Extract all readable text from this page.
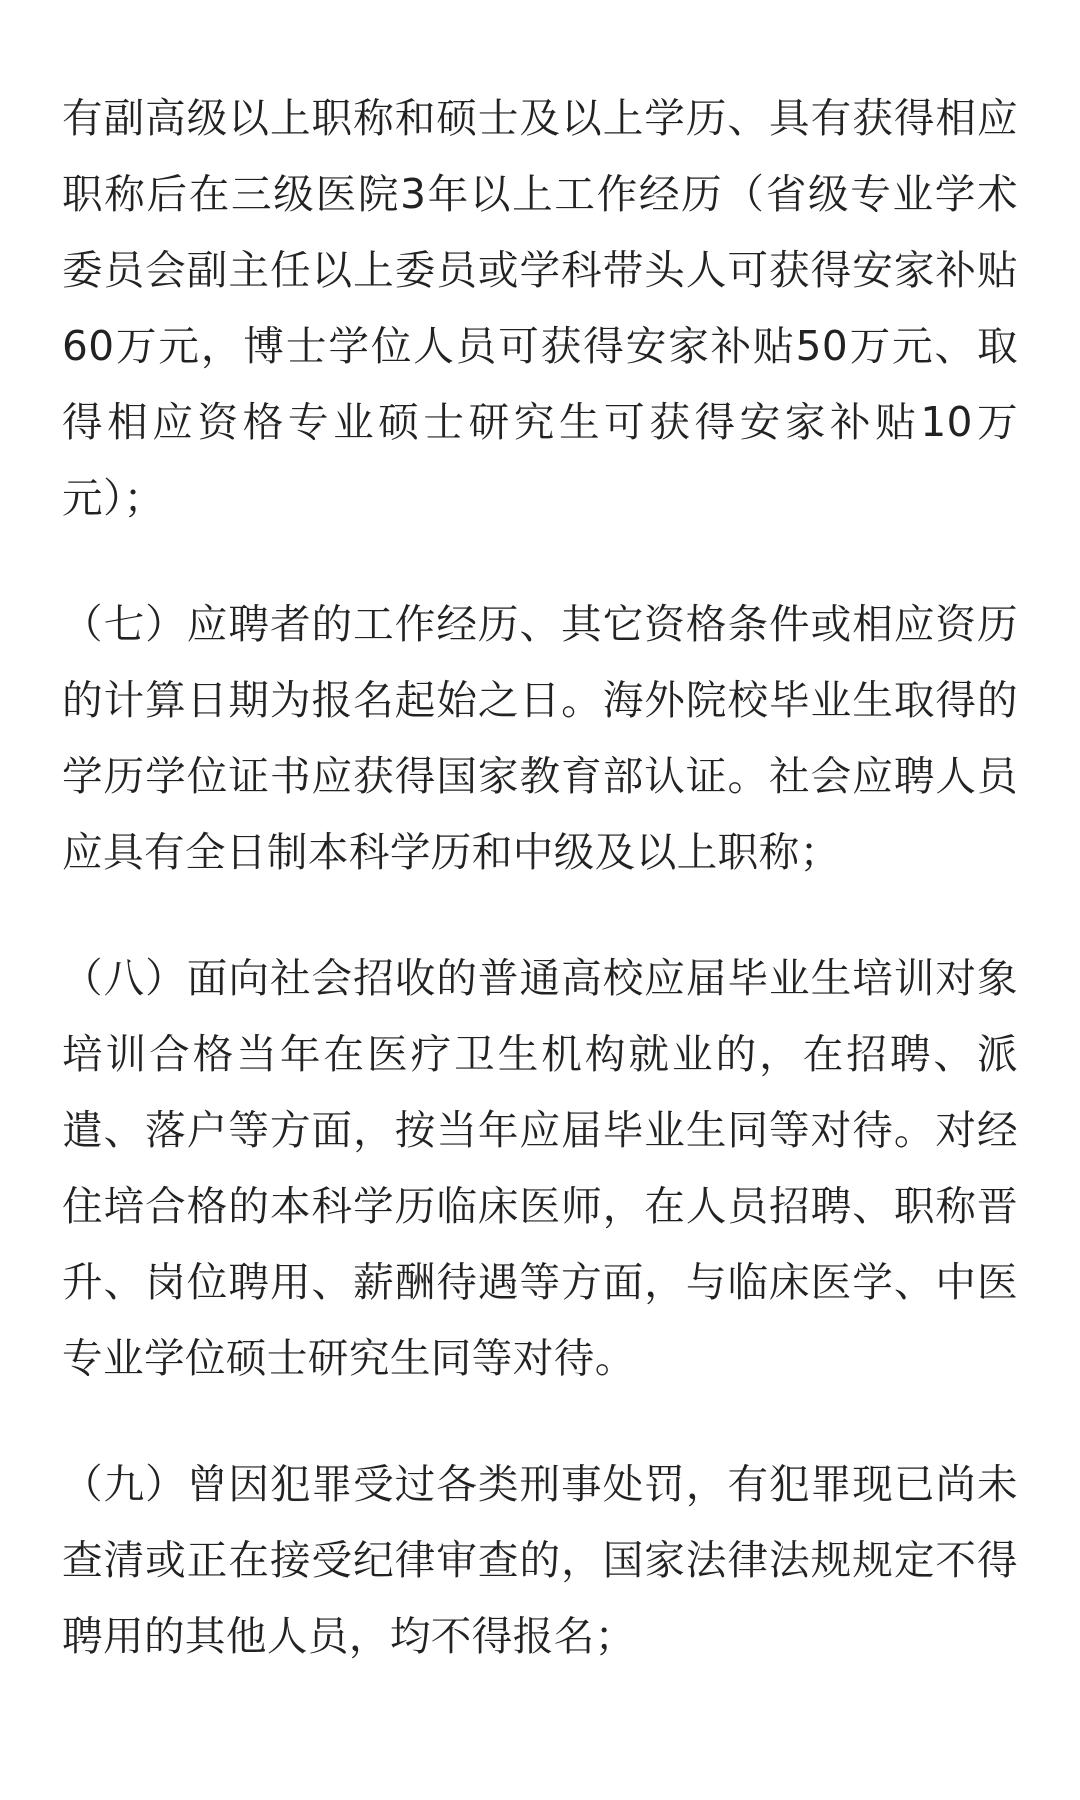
有副高级以上职称和硕士及以上学历、具有获得相应职称后在三级医院3年以上工作经历（省级专业学术委员会副主任以上委员或学科带头人可获得安家补贴60万元，博士学位人员可获得安家补贴50万元、取得相应资格专业硕士研究生可获得安家补贴10万元）；

（七）应聘者的工作经历、其它资格条件或相应资历的计算日期为报名起始之日。海外院校毕业生取得的学历学位证书应获得国家教育部认证。社会应聘人员应具有全日制本科学历和中级及以上职称；

（八）面向社会招收的普通高校应届毕业生培训对象培训合格当年在医疗卫生机构就业的，在招聘、派遣、落户等方面，按当年应届毕业生同等对待。对经住培合格的本科学历临床医师，在人员招聘、职称晋升、岗位聘用、薪酬待遇等方面，与临床医学、中医专业学位硕士研究生同等对待。

（九）曾因犯罪受过各类刑事处罚，有犯罪现已尚未查清或正在接受纪律审查的，国家法律法规规定不得聘用的其他人员，均不得报名；
